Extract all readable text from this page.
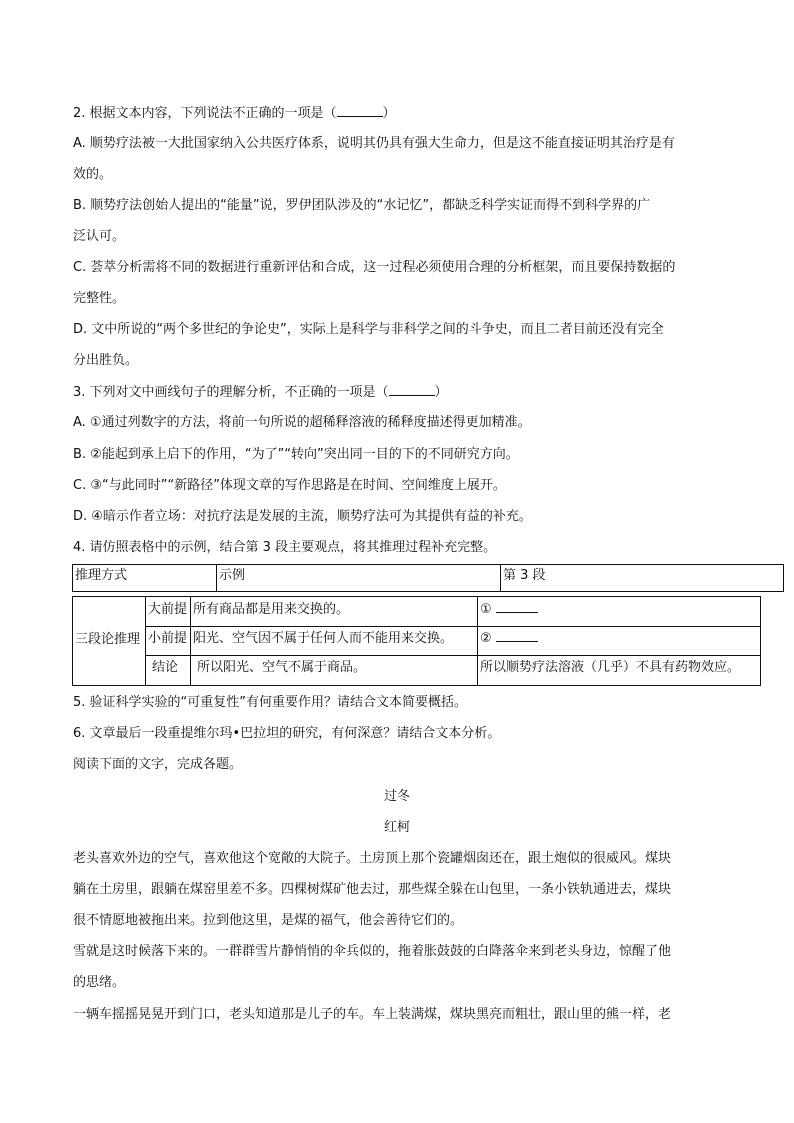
2. 根据文本内容，下列说法不正确的一项是（	）
A. 顺势疗法被一大批国家纳入公共医疗体系，说明其仍具有强大生命力，但是这不能直接证明其治疗是有
效的。
B. 顺势疗法创始人提出的“能量”说，罗伊团队涉及的“水记忆”，都缺乏科学实证而得不到科学界的广
泛认可。
C. 荟萃分析需将不同的数据进行重新评估和合成，这一过程必须使用合理的分析框架，而且要保持数据的
完整性。
D. 文中所说的“两个多世纪的争论史”，实际上是科学与非科学之间的斗争史，而且二者目前还没有完全
分出胜负。
3. 下列对文中画线句子的理解分析，不正确的一项是（	）
A. ①通过列数字的方法，将前一句所说的超稀释溶液的稀释度描述得更加精准。
B. ②能起到承上启下的作用，“为了”“转向”突出同一目的下的不同研究方向。
C. ③“与此同时”“新路径”体现文章的写作思路是在时间、空间维度上展开。
D. ④暗示作者立场：对抗疗法是发展的主流，顺势疗法可为其提供有益的补充。
4. 请仿照表格中的示例，结合第 3 段主要观点，将其推理过程补充完整。
推理方式	示例	第 3 段
三段论推理
大前提 所有商品都是用来交换的。	①
小前提 阳光、空气因不属于任何人而不能用来交换。 ②
结论	所以阳光、空气不属于商品。	所以顺势疗法溶液（几乎）不具有药物效应。
5. 验证科学实验的“可重复性”有何重要作用？请结合文本简要概括。
6. 文章最后一段重提维尔玛•巴拉坦的研究，有何深意？请结合文本分析。
阅读下面的文字，完成各题。
过冬
红柯
老头喜欢外边的空气，喜欢他这个宽敞的大院子。土房顶上那个瓷罐烟囱还在，跟土炮似的很威风。煤块
躺在土房里，跟躺在煤窑里差不多。四棵树煤矿他去过，那些煤全躲在山包里，一条小铁轨通进去，煤块
很不情愿地被拖出来。拉到他这里，是煤的福气，他会善待它们的。
雪就是这时候落下来的。一群群雪片静悄悄的伞兵似的，拖着胀鼓鼓的白降落伞来到老头身边，惊醒了他
的思绪。
一辆车摇摇晃晃开到门口，老头知道那是儿子的车。车上装满煤，煤块黑亮而粗壮，跟山里的熊一样，老
